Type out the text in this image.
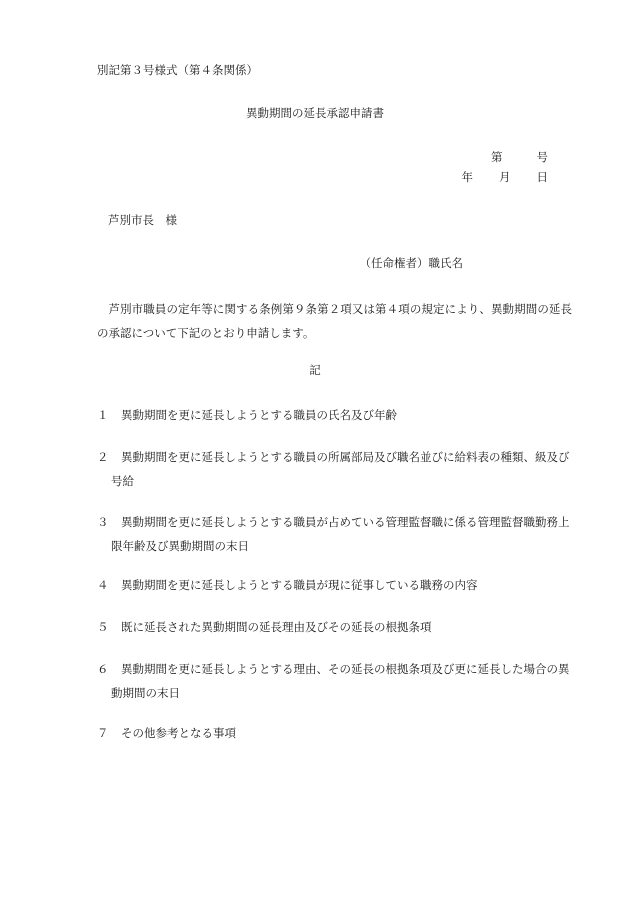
別記第３号様式（第４条関係）
異動期間の延長承認申請書
第	号
年 月 日
芦別市長　様
（任命権者）職氏名
芦別市職員の定年等に関する条例第９条第２項又は第４項の規定により、異動期間の延長の承認について下記のとおり申請します。
記
１	異動期間を更に延長しようとする職員の氏名及び年齢
２	異動期間を更に延長しようとする職員の所属部局及び職名並びに給料表の種類、級及び号給
３	異動期間を更に延長しようとする職員が占めている管理監督職に係る管理監督職勤務上限年齢及び異動期間の末日
４	異動期間を更に延長しようとする職員が現に従事している職務の内容
５	既に延長された異動期間の延長理由及びその延長の根拠条項
６	異動期間を更に延長しようとする理由、その延長の根拠条項及び更に延長した場合の異動期間の末日
７	その他参考となる事項
